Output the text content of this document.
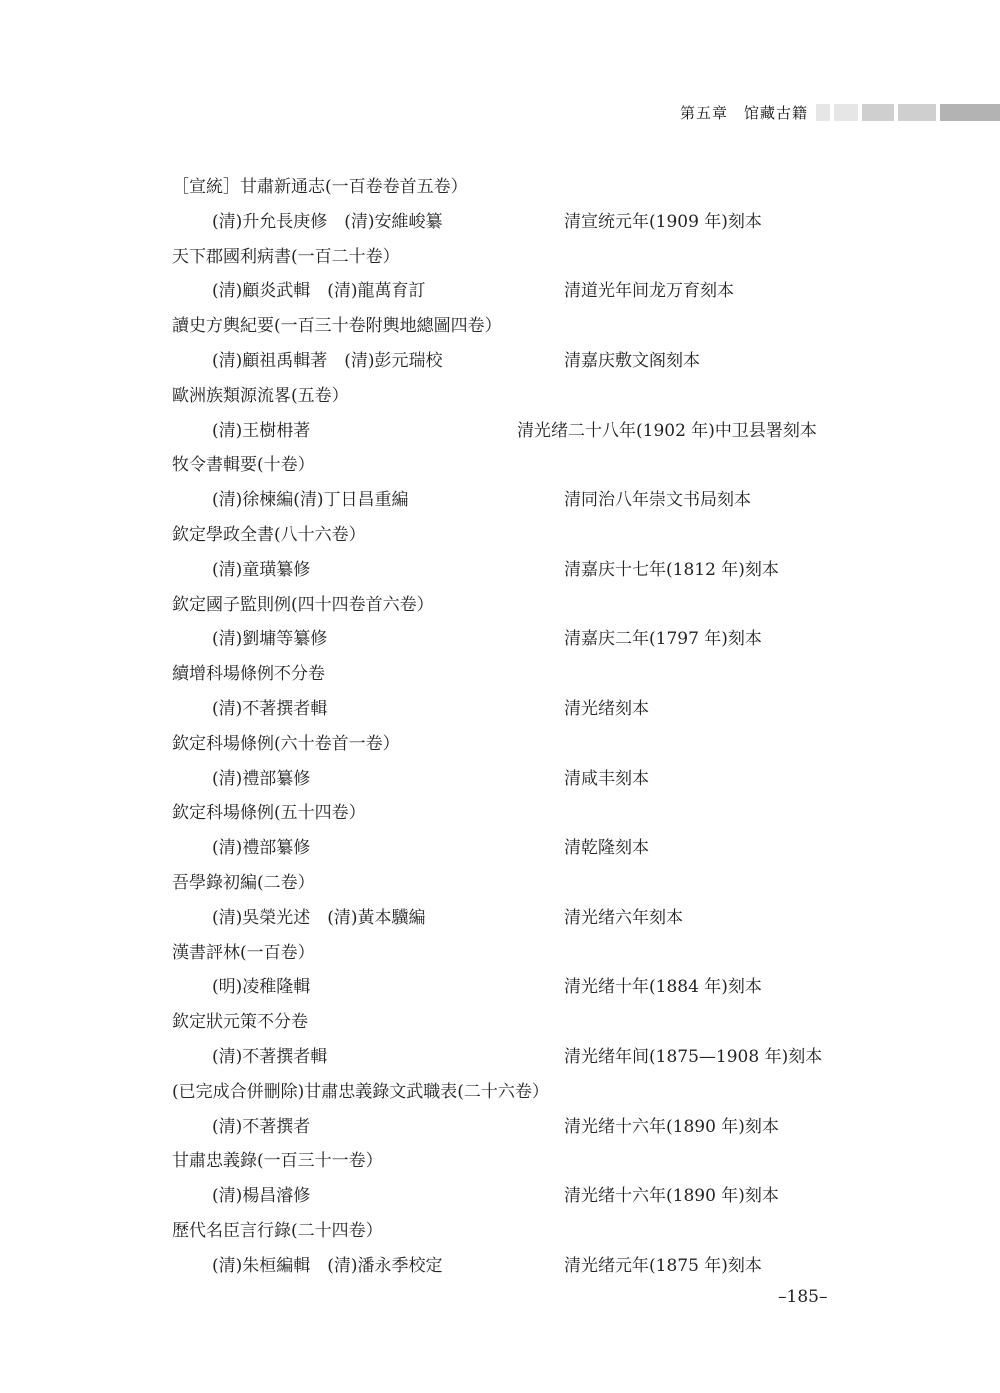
第五章　馆藏古籍
［宣統］甘肅新通志(一百卷卷首五卷）
(清)升允長庚修　(清)安維峻纂	清宣统元年(1909 年)刻本
天下郡國利病書(一百二十卷）
(清)顧炎武輯　(清)龍萬育訂	清道光年间龙万育刻本
讀史方輿紀要(一百三十卷附輿地總圖四卷）
(清)顧祖禹輯著　(清)彭元瑞校	清嘉庆敷文阁刻本
歐洲族類源流畧(五卷）
(清)王樹枏著	清光绪二十八年(1902 年)中卫县署刻本
牧令書輯要(十卷）
(清)徐楝編(清)丁日昌重編	清同治八年崇文书局刻本
欽定學政全書(八十六卷）
(清)童璜纂修	清嘉庆十七年(1812 年)刻本
欽定國子監則例(四十四卷首六卷）
(清)劉墉等纂修	清嘉庆二年(1797 年)刻本
續增科場條例不分卷
(清)不著撰者輯	清光绪刻本
欽定科場條例(六十卷首一卷）
(清)禮部纂修	清咸丰刻本
欽定科場條例(五十四卷）
(清)禮部纂修	清乾隆刻本
吾學錄初編(二卷）
(清)吳榮光述　(清)黃本驥編	清光绪六年刻本
漢書評林(一百卷）
(明)凌稚隆輯	清光绪十年(1884 年)刻本
欽定狀元策不分卷
(清)不著撰者輯	清光绪年间(1875—1908 年)刻本
(已完成合併刪除)甘肅忠義錄文武職表(二十六卷）
(清)不著撰者	清光绪十六年(1890 年)刻本
甘肅忠義錄(一百三十一卷）
(清)楊昌濬修	清光绪十六年(1890 年)刻本
歷代名臣言行錄(二十四卷）
(清)朱桓編輯　(清)潘永季校定	清光绪元年(1875 年)刻本
–185–
